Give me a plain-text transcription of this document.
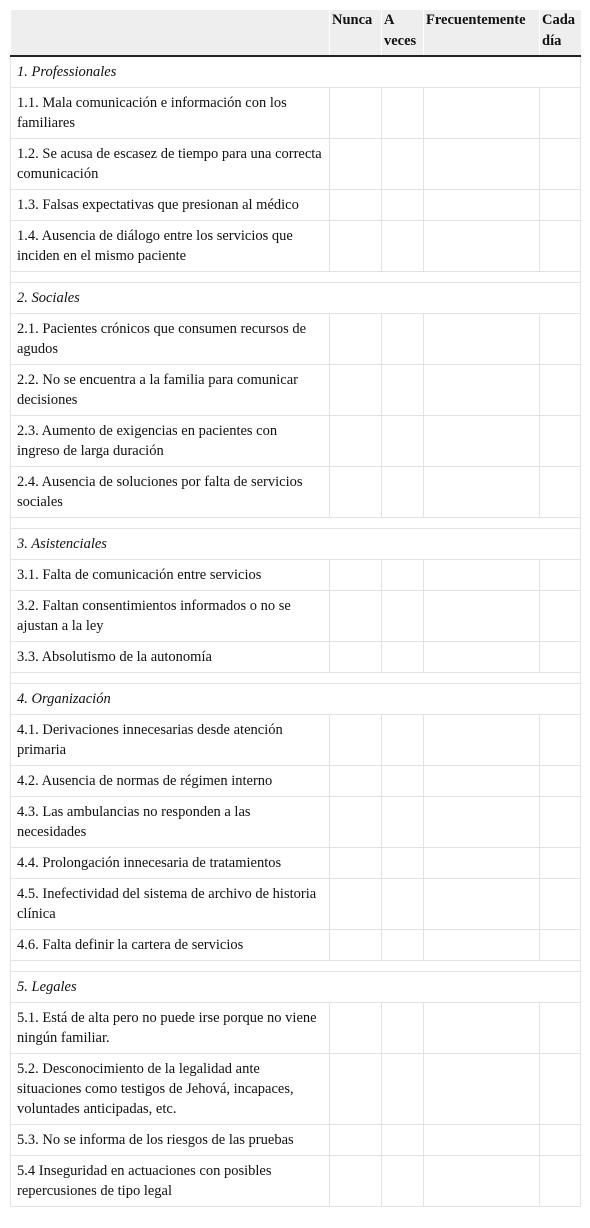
	Nunca	A veces	Frecuentemente	Cada día
1. Professionales				
1.1. Mala comunicación e información con los familiares				
1.2. Se acusa de escasez de tiempo para una correcta comunicación				
1.3. Falsas expectativas que presionan al médico				
1.4. Ausencia de diálogo entre los servicios que inciden en el mismo paciente				

2. Sociales				
2.1. Pacientes crónicos que consumen recursos de agudos				
2.2. No se encuentra a la familia para comunicar decisiones				
2.3. Aumento de exigencias en pacientes con ingreso de larga duración				
2.4. Ausencia de soluciones por falta de servicios sociales				

3. Asistenciales				
3.1. Falta de comunicación entre servicios				
3.2. Faltan consentimientos informados o no se ajustan a la ley				
3.3. Absolutismo de la autonomía				

4. Organización				
4.1. Derivaciones innecesarias desde atención primaria				
4.2. Ausencia de normas de régimen interno				
4.3. Las ambulancias no responden a las necesidades				
4.4. Prolongación innecesaria de tratamientos				
4.5. Inefectividad del sistema de archivo de historia clínica				
4.6. Falta definir la cartera de servicios				

5. Legales				
5.1. Está de alta pero no puede irse porque no viene ningún familiar.				
5.2. Desconocimiento de la legalidad ante situaciones como testigos de Jehová, incapaces, voluntades anticipadas, etc.				
5.3. No se informa de los riesgos de las pruebas				
5.4 Inseguridad en actuaciones con posibles repercusiones de tipo legal				
